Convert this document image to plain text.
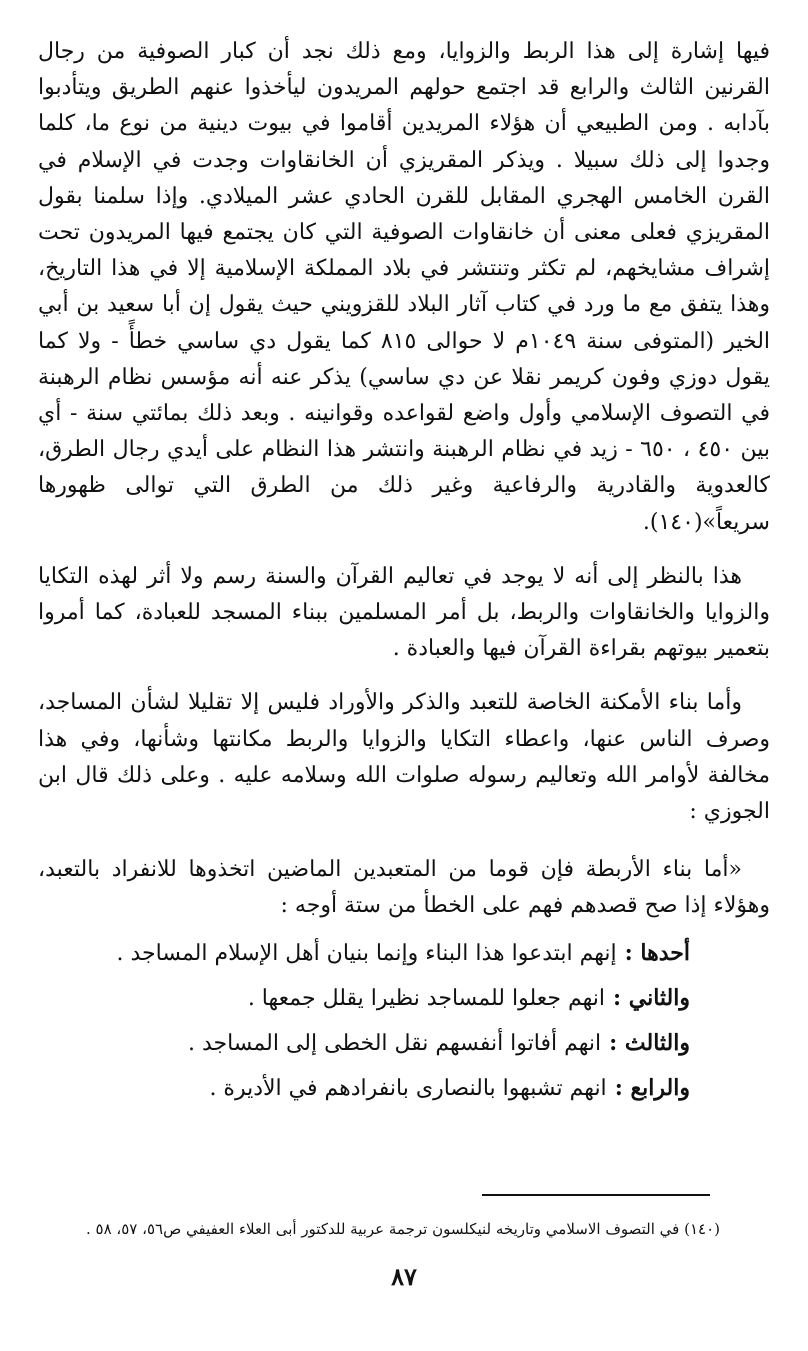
فيها إشارة إلى هذا الربط والزوايا، ومع ذلك نجد أن كبار الصوفية من رجال القرنين الثالث والرابع قد اجتمع حولهم المريدون ليأخذوا عنهم الطريق ويتأدبوا بآدابه . ومن الطبيعي أن هؤلاء المريدين أقاموا في بيوت دينية من نوع ما، كلما وجدوا إلى ذلك سبيلا . ويذكر المقريزي أن الخانقاوات وجدت في الإسلام في القرن الخامس الهجري المقابل للقرن الحادي عشر الميلادي. وإذا سلمنا بقول المقريزي فعلى معنى أن خانقاوات الصوفية التي كان يجتمع فيها المريدون تحت إشراف مشايخهم، لم تكثر وتنتشر في بلاد المملكة الإسلامية إلا في هذا التاريخ، وهذا يتفق مع ما ورد في كتاب آثار البلاد للقزويني حيث يقول إن أبا سعيد بن أبي الخير (المتوفى سنة ١٠٤٩م لا حوالى ٨١٥ كما يقول دي ساسي خطأً - ولا كما يقول دوزي وفون كريمر نقلا عن دي ساسي) يذكر عنه أنه مؤسس نظام الرهبنة في التصوف الإسلامي وأول واضع لقواعده وقوانينه . وبعد ذلك بمائتي سنة - أي بين ٤٥٠ ، ٦٥٠ - زيد في نظام الرهبنة وانتشر هذا النظام على أيدي رجال الطرق، كالعدوية والقادرية والرفاعية وغير ذلك من الطرق التي توالى ظهورها سريعاً»(١٤٠).

هذا بالنظر إلى أنه لا يوجد في تعاليم القرآن والسنة رسم ولا أثر لهذه التكايا والزوايا والخانقاوات والربط، بل أمر المسلمين ببناء المسجد للعبادة، كما أمروا بتعمير بيوتهم بقراءة القرآن فيها والعبادة .

وأما بناء الأمكنة الخاصة للتعبد والذكر والأوراد فليس إلا تقليلا لشأن المساجد، وصرف الناس عنها، واعطاء التكايا والزوايا والربط مكانتها وشأنها، وفي هذا مخالفة لأوامر الله وتعاليم رسوله صلوات الله وسلامه عليه . وعلى ذلك قال ابن الجوزي :

«أما بناء الأربطة فإن قوما من المتعبدين الماضين اتخذوها للانفراد بالتعبد، وهؤلاء إذا صح قصدهم فهم على الخطأ من ستة أوجه :

أحدها :إنهم ابتدعوا هذا البناء وإنما بنيان أهل الإسلام المساجد .
والثاني :انهم جعلوا للمساجد نظيرا يقلل جمعها .
والثالث :انهم أفاتوا أنفسهم نقل الخطى إلى المساجد .
والرابع :انهم تشبهوا بالنصارى بانفرادهم في الأديرة .
(١٤٠) في التصوف الاسلامي وتاريخه لنيكلسون ترجمة عربية للدكتور أبى العلاء العفيفي ص٥٦، ٥٧، ٥٨ .
٨٧
